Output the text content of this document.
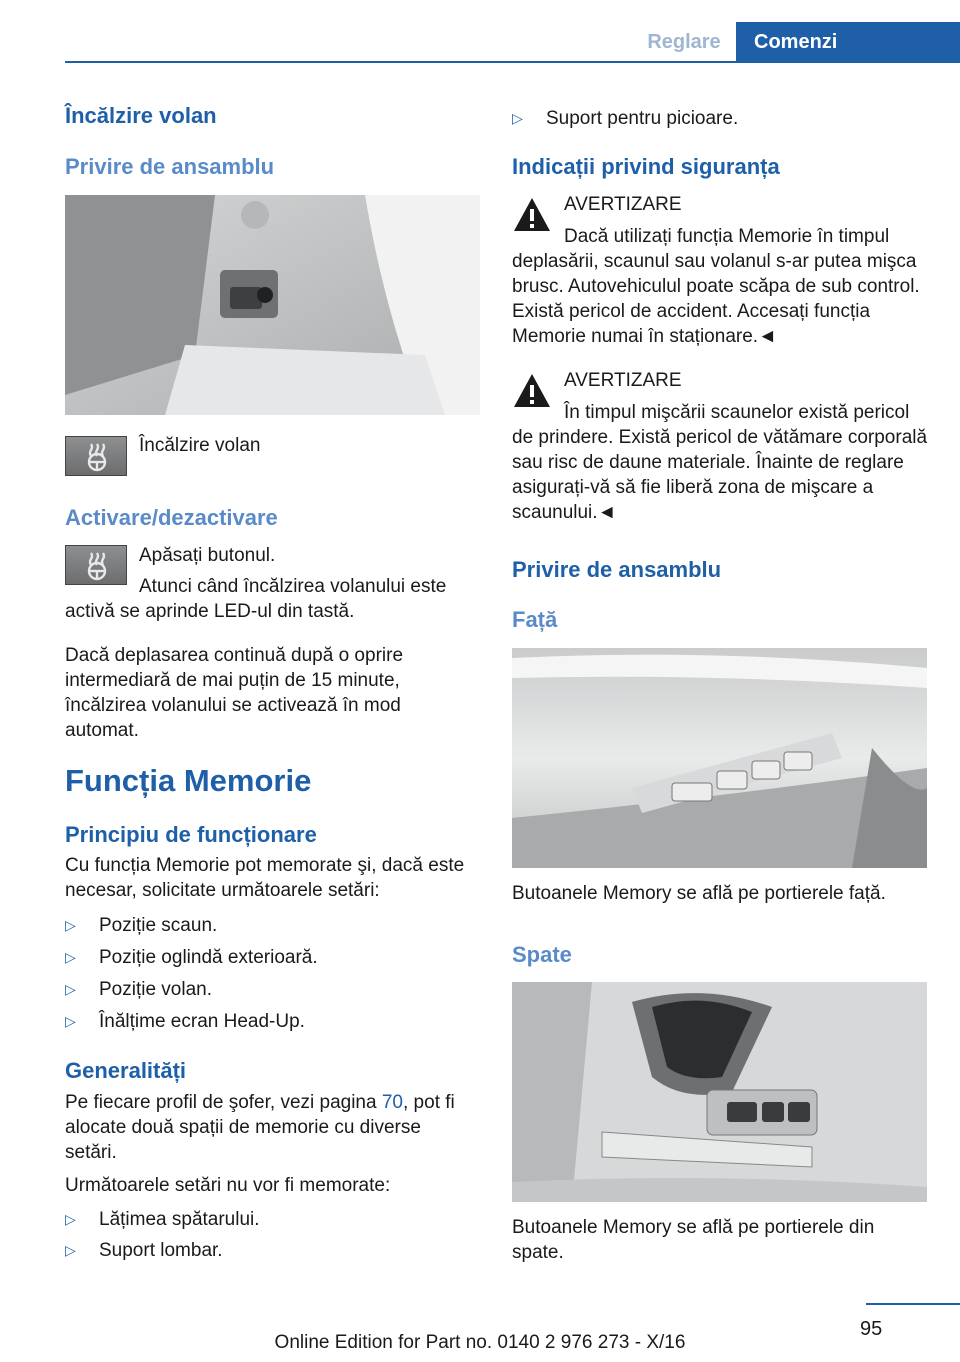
Reglare	Comenzi
Încălzire volan
Privire de ansamblu
Încălzire volan
Activare/dezactivare
Apăsați butonul.
Atunci când încălzirea volanului este activă se aprinde LED-ul din tastă.
Dacă deplasarea continuă după o oprire intermediară de mai puțin de 15 minute, încălzirea volanului se activează în mod automat.
Funcția Memorie
Principiu de funcționare
Cu funcția Memorie pot memorate şi, dacă este necesar, solicitate următoarele setări:
▷ Poziție scaun.
▷ Poziție oglindă exterioară.
▷ Poziție volan.
▷ Înălțime ecran Head-Up.
Generalități
Pe fiecare profil de şofer, vezi pagina 70, pot fi alocate două spații de memorie cu diverse setări.
Următoarele setări nu vor fi memorate:
▷ Lățimea spătarului.
▷ Suport lombar.
▷ Suport pentru picioare.
Indicații privind siguranța
AVERTIZARE
Dacă utilizați funcția Memorie în timpul deplasării, scaunul sau volanul s-ar putea mişca brusc. Autovehiculul poate scăpa de sub control. Există pericol de accident. Accesați funcția Memorie numai în staționare.◄
AVERTIZARE
În timpul mişcării scaunelor există pericol de prindere. Există pericol de vătămare corporală sau risc de daune materiale. Înainte de reglare asigurați-vă să fie liberă zona de mişcare a scaunului.◄
Privire de ansamblu
Față
Butoanele Memory se află pe portierele față.
Spate
Butoanele Memory se află pe portierele din spate.
95
Online Edition for Part no. 0140 2 976 273 - X/16
